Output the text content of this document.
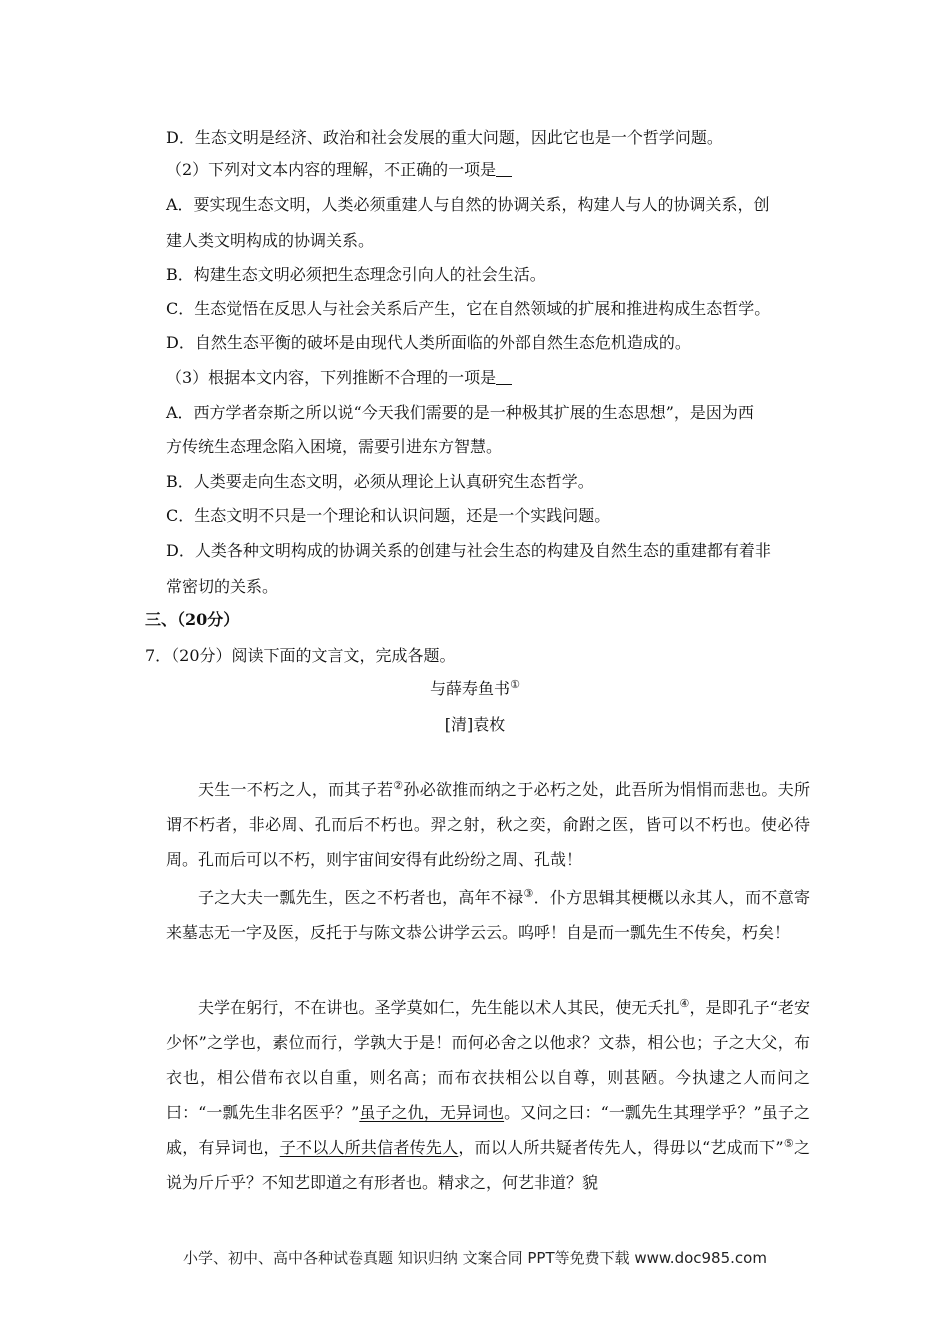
D．生态文明是经济、政治和社会发展的重大问题，因此它也是一个哲学问题。
（2）下列对文本内容的理解，不正确的一项是
A．要实现生态文明，人类必须重建人与自然的协调关系，构建人与人的协调关系，创
建人类文明构成的协调关系。
B．构建生态文明必须把生态理念引向人的社会生活。
C．生态觉悟在反思人与社会关系后产生，它在自然领域的扩展和推进构成生态哲学。
D．自然生态平衡的破坏是由现代人类所面临的外部自然生态危机造成的。
（3）根据本文内容，下列推断不合理的一项是
A．西方学者奈斯之所以说“今天我们需要的是一种极其扩展的生态思想”，是因为西
方传统生态理念陷入困境，需要引进东方智慧。
B．人类要走向生态文明，必须从理论上认真研究生态哲学。
C．生态文明不只是一个理论和认识问题，还是一个实践问题。
D．人类各种文明构成的协调关系的创建与社会生态的构建及自然生态的重建都有着非
常密切的关系。
三、（20分）
7．（20分）阅读下面的文言文，完成各题。
与薛寿鱼书①
[清]袁枚
天生一不朽之人，而其子若②孙必欲推而纳之于必朽之处，此吾所为悁悁而悲也。夫所谓不朽者，非必周、孔而后不朽也。羿之射，秋之奕，俞跗之医，皆可以不朽也。使必待周。孔而后可以不朽，则宇宙间安得有此纷纷之周、孔哉！
子之大夫一瓢先生，医之不朽者也，高年不禄③．仆方思辑其梗概以永其人，而不意寄来墓志无一字及医，反托于与陈文恭公讲学云云。呜呼！自是而一瓢先生不传矣，朽矣！
夫学在躬行，不在讲也。圣学莫如仁，先生能以术人其民，使无夭扎④，是即孔子“老安少怀”之学也，素位而行，学孰大于是！而何必舍之以他求？文恭，相公也；子之大父，布衣也，相公借布衣以自重，则名高；而布衣扶相公以自尊，则甚陋。今执逮之人而问之曰：“一瓢先生非名医乎？”虽子之仇，无异词也。又问之曰：“一瓢先生其理学乎？”虽子之戚，有异词也，子不以人所共信者传先人，而以人所共疑者传先人，得毋以“艺成而下”⑤之说为斤斤乎？不知艺即道之有形者也。精求之，何艺非道？貌
小学、初中、高中各种试卷真题 知识归纳 文案合同 PPT等免费下载 www.doc985.com
